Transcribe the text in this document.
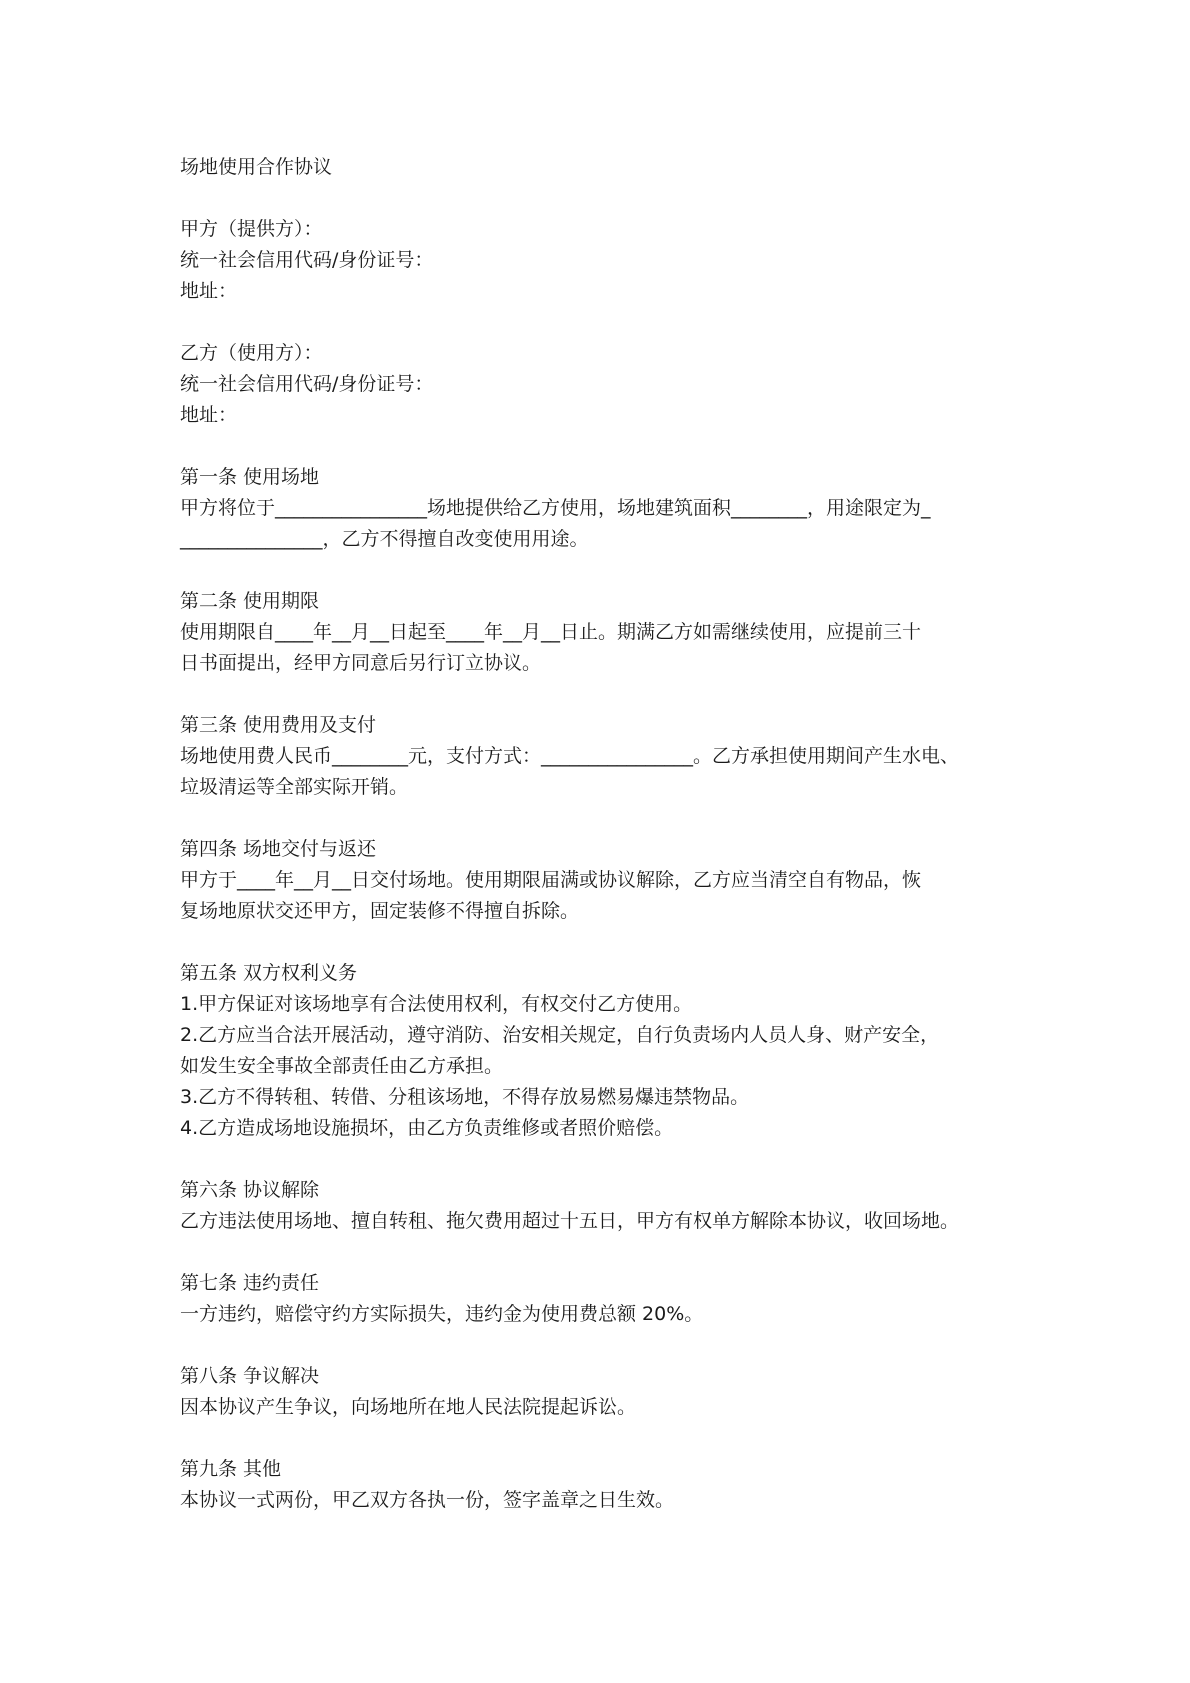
场地使用合作协议
甲方（提供方）：
统一社会信用代码/身份证号：
地址：
乙方（使用方）：
统一社会信用代码/身份证号：
地址：
第一条 使用场地
甲方将位于________________场地提供给乙方使用，场地建筑面积________，用途限定为_
_______________，乙方不得擅自改变使用用途。
第二条 使用期限
使用期限自____年__月__日起至____年__月__日止。期满乙方如需继续使用，应提前三十
日书面提出，经甲方同意后另行订立协议。
第三条 使用费用及支付
场地使用费人民币________元，支付方式：________________。乙方承担使用期间产生水电、
垃圾清运等全部实际开销。
第四条 场地交付与返还
甲方于____年__月__日交付场地。使用期限届满或协议解除，乙方应当清空自有物品，恢
复场地原状交还甲方，固定装修不得擅自拆除。
第五条 双方权利义务
1.甲方保证对该场地享有合法使用权利，有权交付乙方使用。
2.乙方应当合法开展活动，遵守消防、治安相关规定，自行负责场内人员人身、财产安全，
如发生安全事故全部责任由乙方承担。
3.乙方不得转租、转借、分租该场地，不得存放易燃易爆违禁物品。
4.乙方造成场地设施损坏，由乙方负责维修或者照价赔偿。
第六条 协议解除
乙方违法使用场地、擅自转租、拖欠费用超过十五日，甲方有权单方解除本协议，收回场地。
第七条 违约责任
一方违约，赔偿守约方实际损失，违约金为使用费总额 20%。
第八条 争议解决
因本协议产生争议，向场地所在地人民法院提起诉讼。
第九条 其他
本协议一式两份，甲乙双方各执一份，签字盖章之日生效。
